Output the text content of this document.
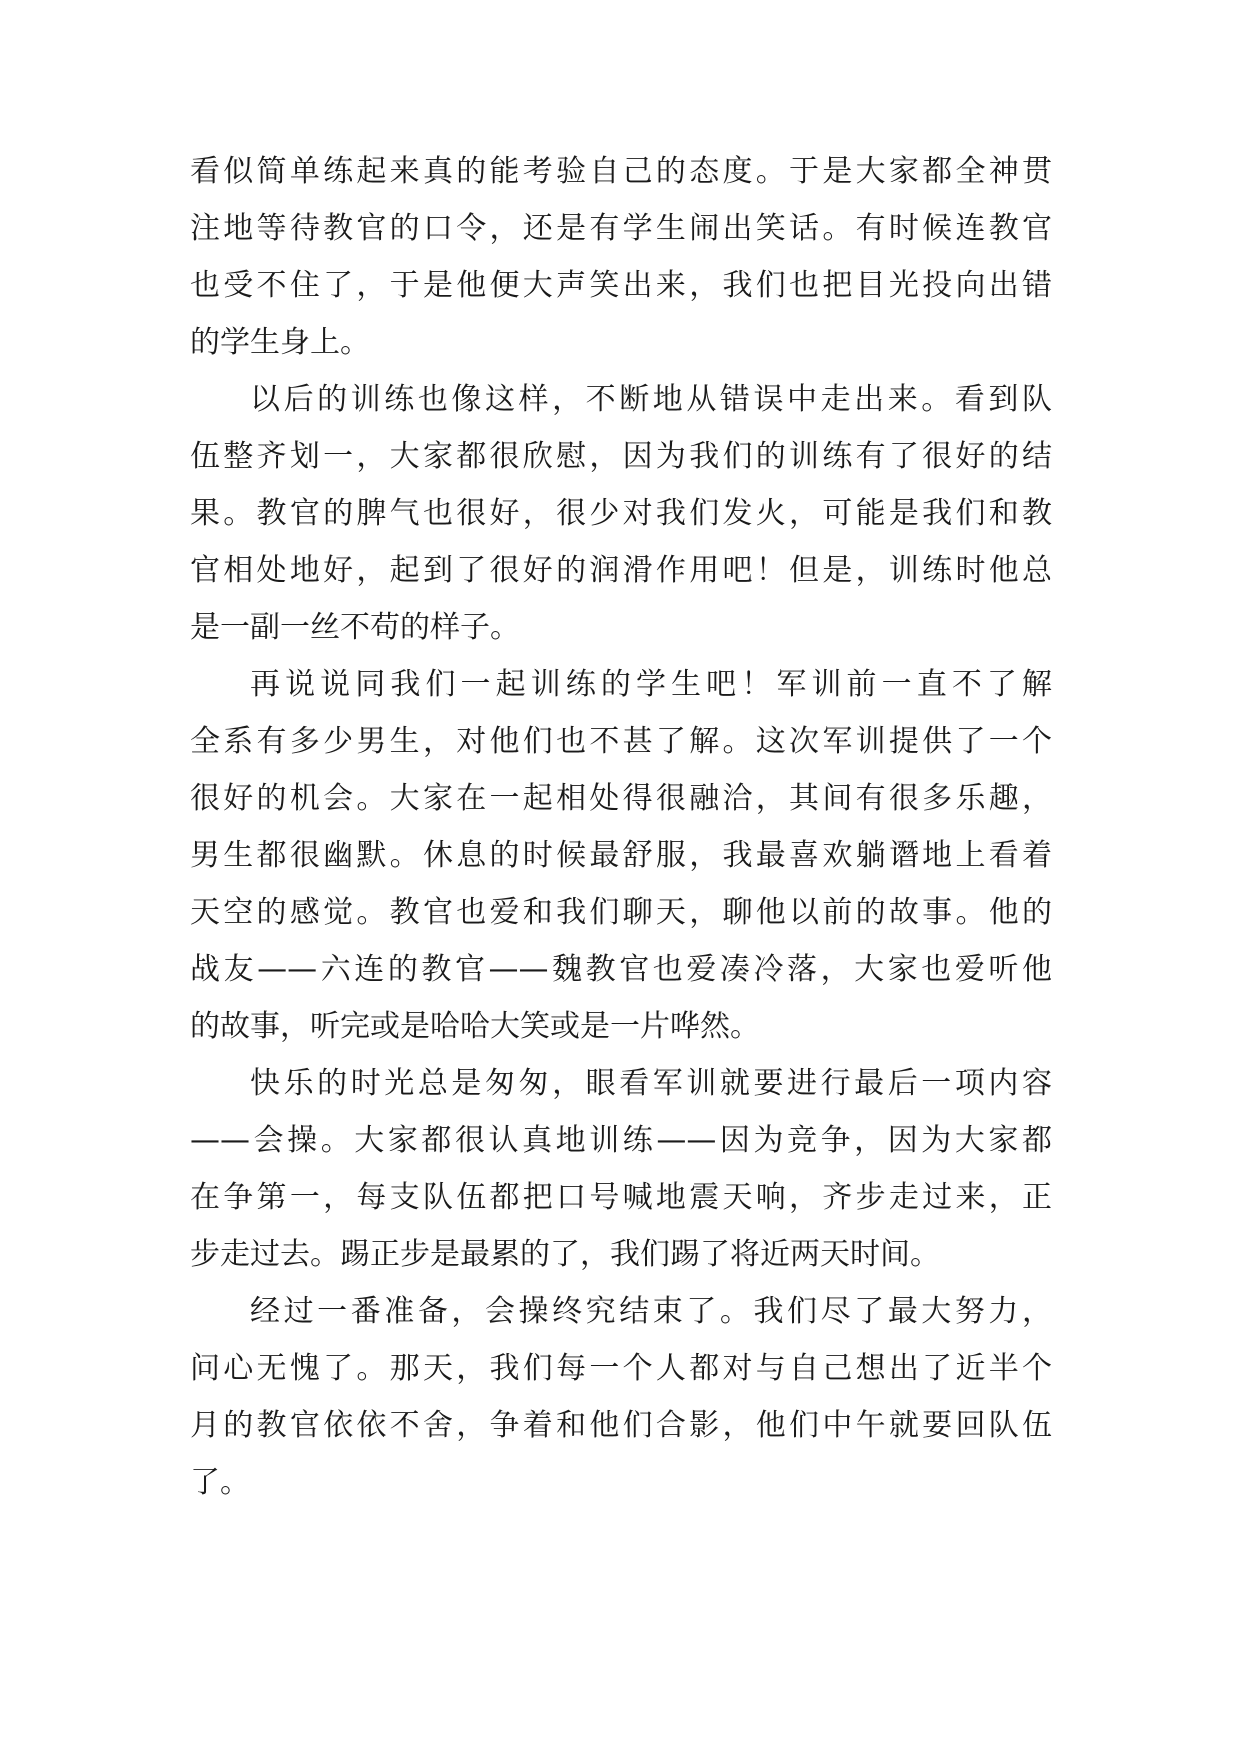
看似简单练起来真的能考验自己的态度。于是大家都全神贯
注地等待教官的口令，还是有学生闹出笑话。有时候连教官
也受不住了，于是他便大声笑出来，我们也把目光投向出错
的学生身上。
以后的训练也像这样，不断地从错误中走出来。看到队
伍整齐划一，大家都很欣慰，因为我们的训练有了很好的结
果。教官的脾气也很好，很少对我们发火，可能是我们和教
官相处地好，起到了很好的润滑作用吧！但是，训练时他总
是一副一丝不苟的样子。
再说说同我们一起训练的学生吧！军训前一直不了解
全系有多少男生，对他们也不甚了解。这次军训提供了一个
很好的机会。大家在一起相处得很融洽，其间有很多乐趣，
男生都很幽默。休息的时候最舒服，我最喜欢躺谮地上看着
天空的感觉。教官也爱和我们聊天，聊他以前的故事。他的
战友——六连的教官——魏教官也爱凑冷落，大家也爱听他
的故事，听完或是哈哈大笑或是一片哗然。
快乐的时光总是匆匆，眼看军训就要进行最后一项内容
——会操。大家都很认真地训练——因为竞争，因为大家都
在争第一，每支队伍都把口号喊地震天响，齐步走过来，正
步走过去。踢正步是最累的了，我们踢了将近两天时间。
经过一番准备，会操终究结束了。我们尽了最大努力，
问心无愧了。那天，我们每一个人都对与自己想出了近半个
月的教官依依不舍，争着和他们合影，他们中午就要回队伍
了。
